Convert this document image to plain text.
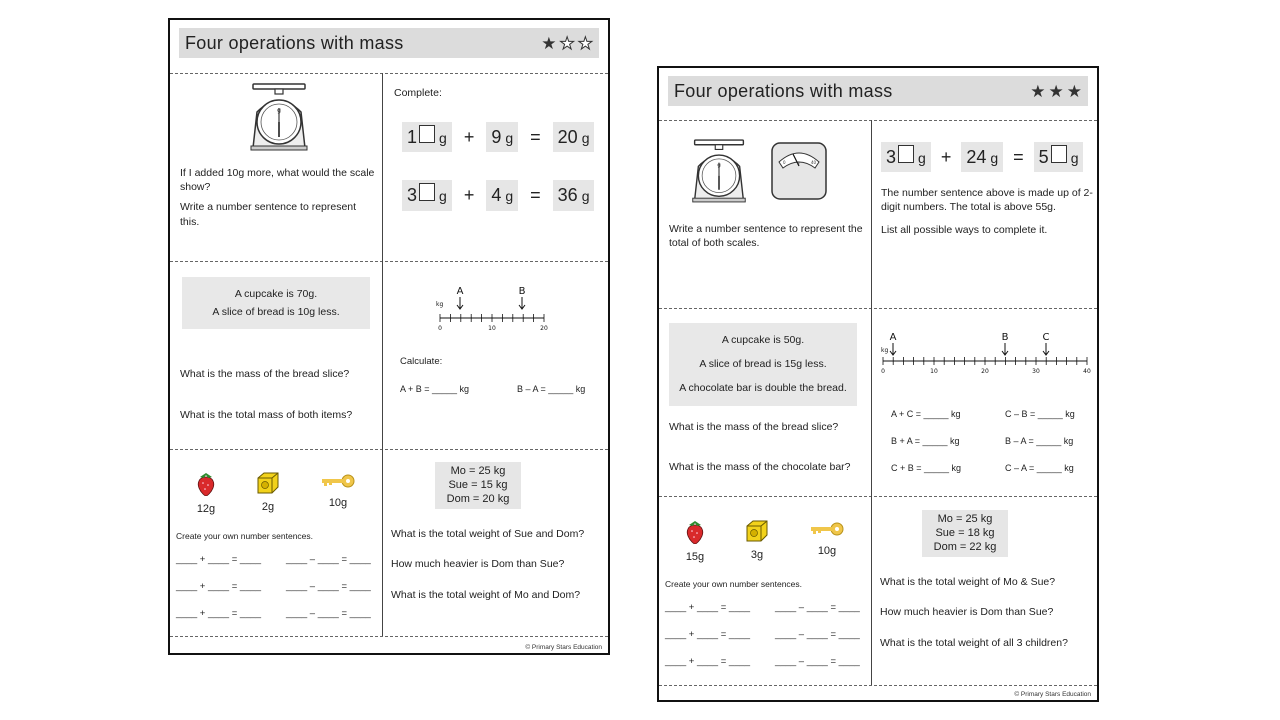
Four operations with mass	★ ★ ★
g

If I added 10g more, what would the scale show?

Write a number sentence to represent this.

Complete:

1 g + 9 g = 20 g
3 g + 4 g = 36 g
A cupcake is 70g.
A slice of bread is 10g less.

What is the mass of the bread slice?

What is the total mass of both items?

A	B
kg
0	10	20

Calculate:

A + B = _____ kg	B – A = _____ kg
12g	2g	10g

Create your own number sentences.

____ + ____ = ____	____ – ____ = ____
____ + ____ = ____	____ – ____ = ____
____ + ____ = ____	____ – ____ = ____
Mo = 25 kg
Sue = 15 kg
Dom = 20 kg

What is the total weight of Sue and Dom?

How much heavier is Dom than Sue?

What is the total weight of Mo and Dom?

© Primary Stars Education
Four operations with mass	★ ★ ★
g	0	g	40

Write a number sentence to represent the total of both scales.

3 g + 24 g = 5 g

The number sentence above is made up of 2-digit numbers. The total is above 55g.

List all possible ways to complete it.

A cupcake is 50g.
A slice of bread is 15g less.
A chocolate bar is double the bread.

What is the mass of the bread slice?

What is the mass of the chocolate bar?

A	B	C
kg
0	10	20	30	40
A + C = _____ kg	C – B = _____ kg
B + A = _____ kg	B – A = _____ kg
C + B = _____ kg	C – A = _____ kg
15g	3g	10g

Create your own number sentences.

____ + ____ = ____	____ – ____ = ____
____ + ____ = ____	____ – ____ = ____
____ + ____ = ____	____ – ____ = ____
Mo = 25 kg
Sue = 18 kg
Dom = 22 kg

What is the total weight of Mo & Sue?

How much heavier is Dom than Sue?

What is the total weight of all 3 children?

© Primary Stars Education
